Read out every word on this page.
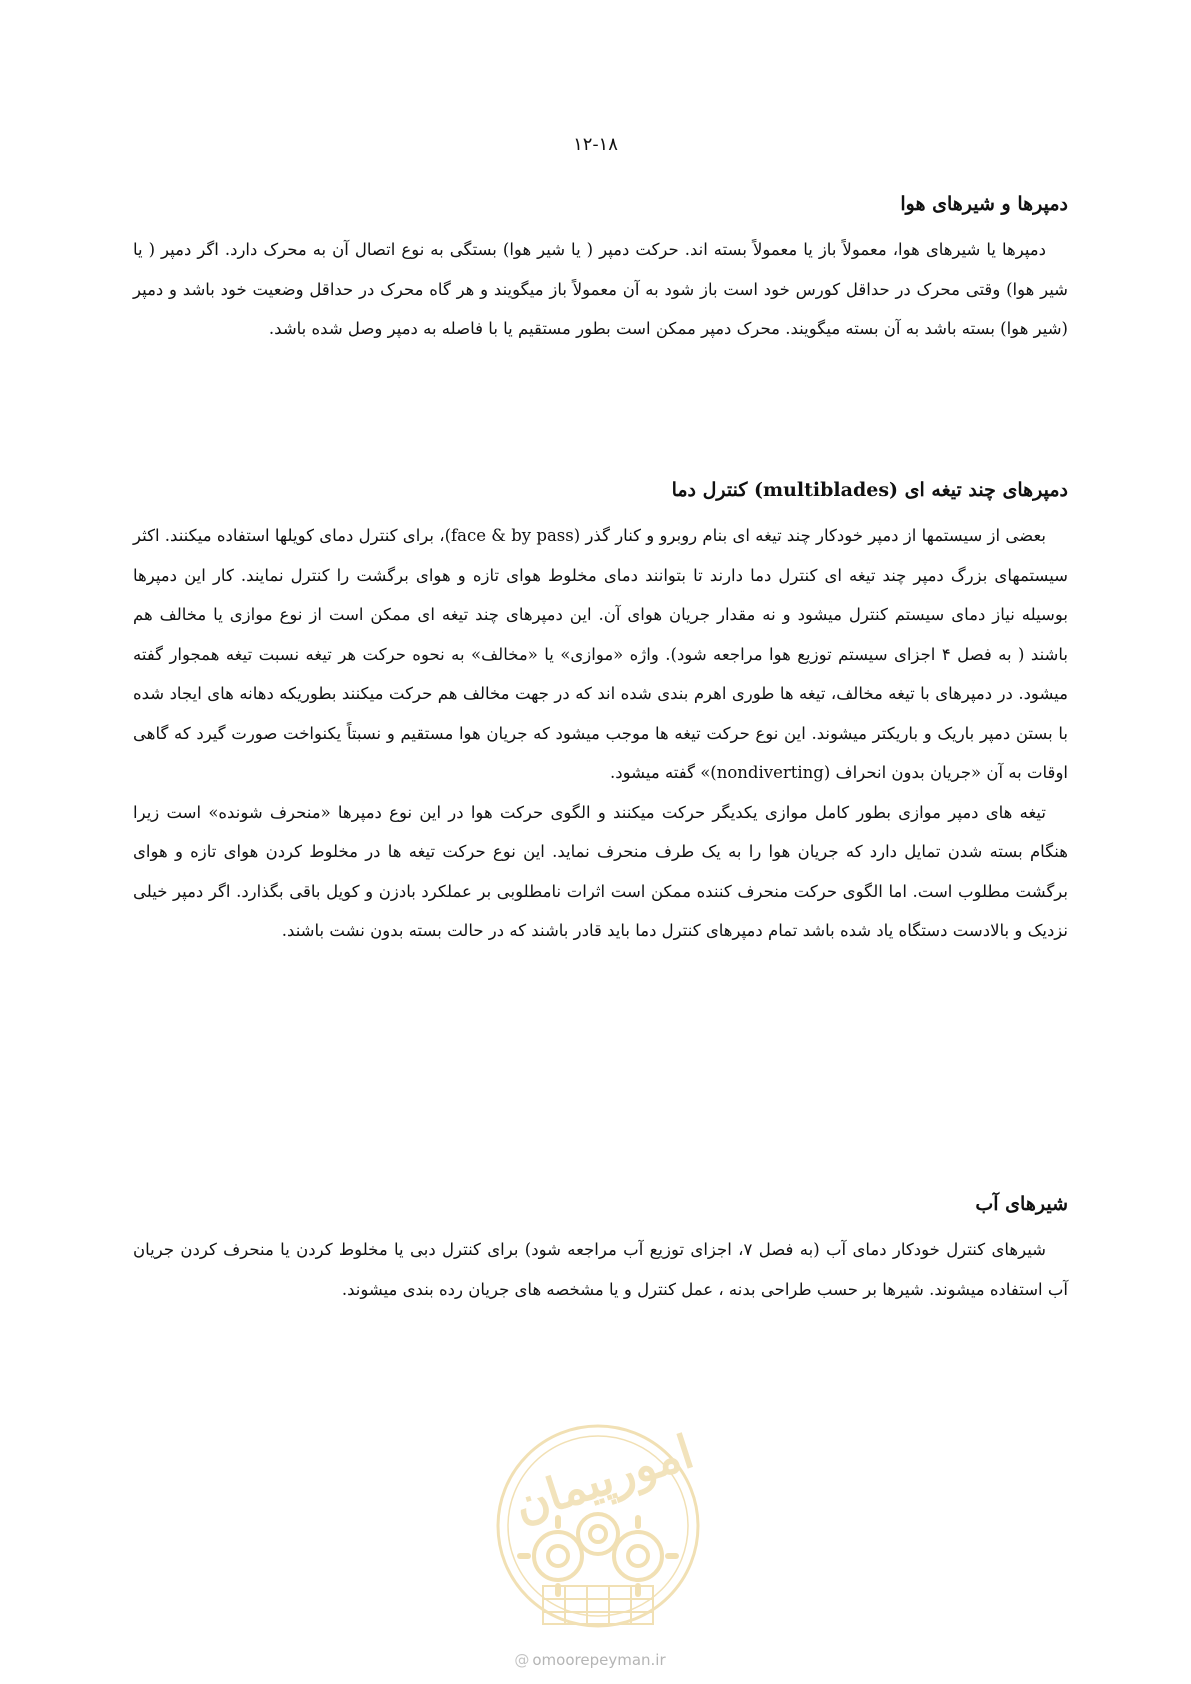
۱۲-۱۸
دمپرها و شیرهای هوا

دمپرها یا شیرهای هوا، معمولاً باز یا معمولاً بسته اند. حرکت دمپر ( یا شیر هوا) بستگی به نوع اتصال آن به محرک دارد. اگر دمپر ( یا شیر هوا) وقتی محرک در حداقل کورس خود است باز شود به آن معمولاً باز میگویند و هر گاه محرک در حداقل وضعیت خود باشد و دمپر (شیر هوا) بسته باشد به آن بسته میگویند. محرک دمپر ممکن است بطور مستقیم یا با فاصله به دمپر وصل شده باشد.

دمپرهای چند تیغه ای (multiblades) کنترل دما

بعضی از سیستمها از دمپر خودکار چند تیغه ای بنام روبرو و کنار گذر (face & by pass)، برای کنترل دمای کویلها استفاده میکنند. اکثر سیستمهای بزرگ دمپر چند تیغه ای کنترل دما دارند تا بتوانند دمای مخلوط هوای تازه و هوای برگشت را کنترل نمایند. کار این دمپرها بوسیله نیاز دمای سیستم کنترل میشود و نه مقدار جریان هوای آن. این دمپرهای چند تیغه ای ممکن است از نوع موازی یا مخالف هم باشند ( به فصل ۴ اجزای سیستم توزیع هوا مراجعه شود). واژه «موازی» یا «مخالف» به نحوه حرکت هر تیغه نسبت تیغه همجوار گفته میشود. در دمپرهای با تیغه مخالف، تیغه ها طوری اهرم بندی شده اند که در جهت مخالف هم حرکت میکنند بطوریکه دهانه های ایجاد شده با بستن دمپر باریک و باریکتر میشوند. این نوع حرکت تیغه ها موجب میشود که جریان هوا مستقیم و نسبتاً یکنواخت صورت گیرد که گاهی اوقات به آن «جریان بدون انحراف (nondiverting)» گفته میشود.

تیغه های دمپر موازی بطور کامل موازی یکدیگر حرکت میکنند و الگوی حرکت هوا در این نوع دمپرها «منحرف شونده» است زیرا هنگام بسته شدن تمایل دارد که جریان هوا را به یک طرف منحرف نماید. این نوع حرکت تیغه ها در مخلوط کردن هوای تازه و هوای برگشت مطلوب است. اما الگوی حرکت منحرف کننده ممکن است اثرات نامطلوبی بر عملکرد بادزن و کویل باقی بگذارد. اگر دمپر خیلی نزدیک و بالادست دستگاه یاد شده باشد تمام دمپرهای کنترل دما باید قادر باشند که در حالت بسته بدون نشت باشند.

شیرهای آب

شیرهای کنترل خودکار دمای آب (به فصل ۷، اجزای توزیع آب مراجعه شود) برای کنترل دبی یا مخلوط کردن یا منحرف کردن جریان آب استفاده میشوند. شیرها بر حسب طراحی بدنه ، عمل کنترل و یا مشخصه های جریان رده بندی میشوند.

امورپیمان
@ omoorepeyman.ir
